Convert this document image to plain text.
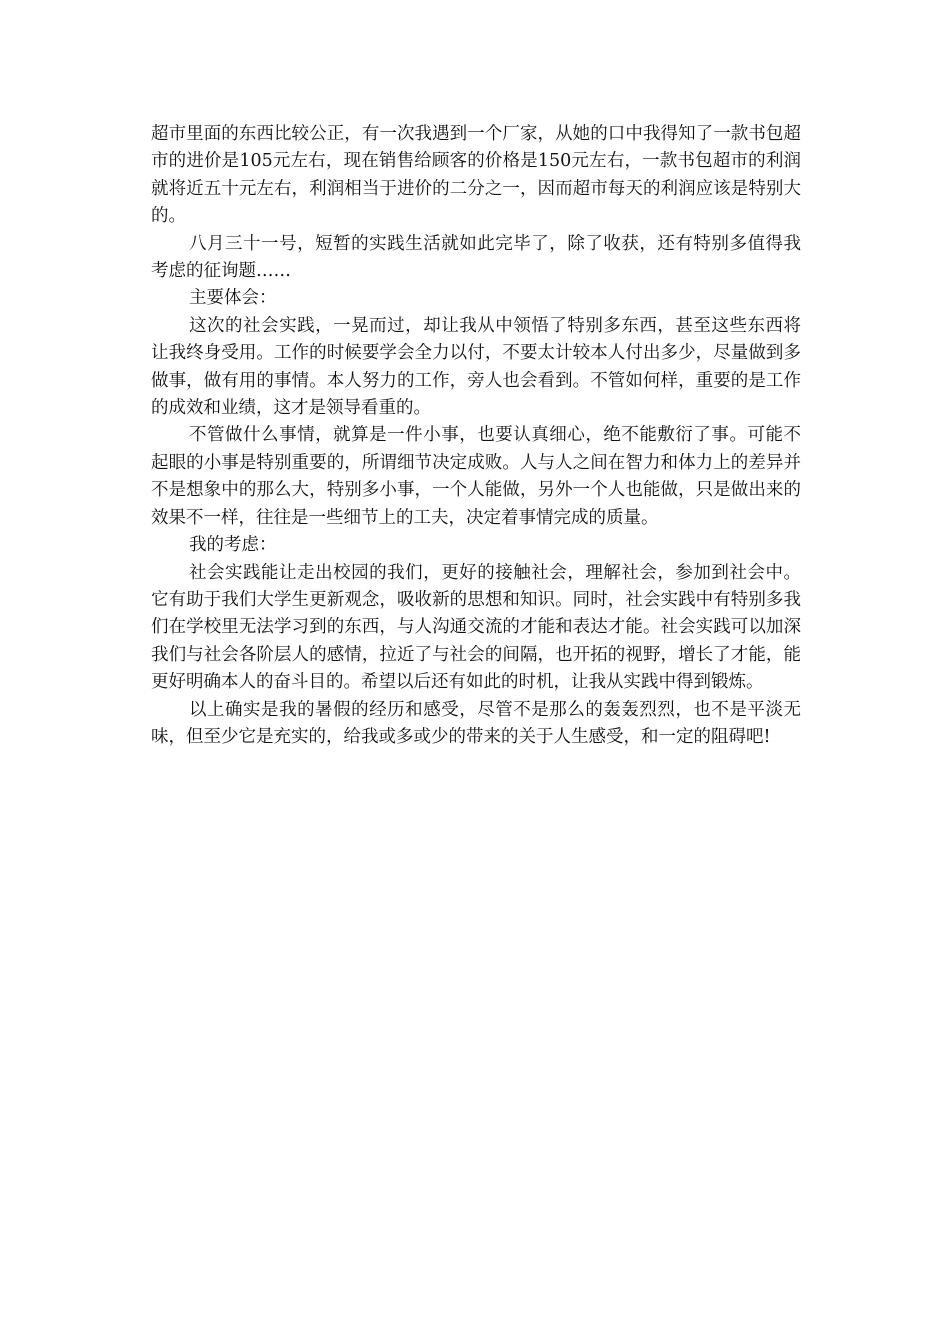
超市里面的东西比较公正，有一次我遇到一个厂家，从她的口中我得知了一款书包超市的进价是105元左右，现在销售给顾客的价格是150元左右，一款书包超市的利润就将近五十元左右，利润相当于进价的二分之一，因而超市每天的利润应该是特别大的。

八月三十一号，短暂的实践生活就如此完毕了，除了收获，还有特别多值得我考虑的征询题……

主要体会：

这次的社会实践，一晃而过，却让我从中领悟了特别多东西，甚至这些东西将让我终身受用。工作的时候要学会全力以付，不要太计较本人付出多少，尽量做到多做事，做有用的事情。本人努力的工作，旁人也会看到。不管如何样，重要的是工作的成效和业绩，这才是领导看重的。

不管做什么事情，就算是一件小事，也要认真细心，绝不能敷衍了事。可能不起眼的小事是特别重要的，所谓细节决定成败。人与人之间在智力和体力上的差异并不是想象中的那么大，特别多小事，一个人能做，另外一个人也能做，只是做出来的效果不一样，往往是一些细节上的工夫，决定着事情完成的质量。

我的考虑：

社会实践能让走出校园的我们，更好的接触社会，理解社会，参加到社会中。它有助于我们大学生更新观念，吸收新的思想和知识。同时，社会实践中有特别多我们在学校里无法学习到的东西，与人沟通交流的才能和表达才能。社会实践可以加深我们与社会各阶层人的感情，拉近了与社会的间隔，也开拓的视野，增长了才能，能更好明确本人的奋斗目的。希望以后还有如此的时机，让我从实践中得到锻炼。

以上确实是我的暑假的经历和感受，尽管不是那么的轰轰烈烈，也不是平淡无味，但至少它是充实的，给我或多或少的带来的关于人生感受，和一定的阻碍吧!
